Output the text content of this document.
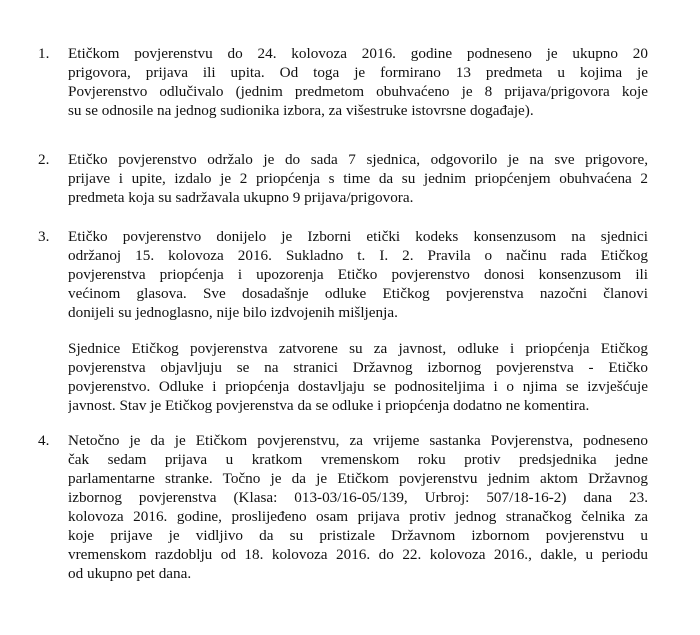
1.	Etičkom povjerenstvu do 24. kolovoza 2016. godine podneseno je ukupno 20
prigovora, prijava ili upita. Od toga je formirano 13 predmeta u kojima je
Povjerenstvo odlučivalo (jednim predmetom obuhvaćeno je 8 prijava/prigovora koje
su se odnosile na jednog sudionika izbora, za višestruke istovrsne događaje).
2.	Etičko povjerenstvo održalo je do sada 7 sjednica, odgovorilo je na sve prigovore,
prijave i upite, izdalo je 2 priopćenja s time da su jednim priopćenjem obuhvaćena 2
predmeta koja su sadržavala ukupno 9 prijava/prigovora.
3.	Etičko povjerenstvo donijelo je Izborni etički kodeks konsenzusom na sjednici
održanoj 15. kolovoza 2016. Sukladno t. I. 2. Pravila o načinu rada Etičkog
povjerenstva priopćenja i upozorenja Etičko povjerenstvo donosi konsenzusom ili
većinom glasova. Sve dosadašnje odluke Etičkog povjerenstva nazočni članovi
donijeli su jednoglasno, nije bilo izdvojenih mišljenja.
Sjednice Etičkog povjerenstva zatvorene su za javnost, odluke i priopćenja Etičkog
povjerenstva objavljuju se na stranici Državnog izbornog povjerenstva - Etičko
povjerenstvo. Odluke i priopćenja dostavljaju se podnositeljima i o njima se izvješćuje
javnost. Stav je Etičkog povjerenstva da se odluke i priopćenja dodatno ne komentira.
4.	Netočno je da je Etičkom povjerenstvu, za vrijeme sastanka Povjerenstva, podneseno
čak sedam prijava u kratkom vremenskom roku protiv predsjednika jedne
parlamentarne stranke. Točno je da je Etičkom povjerenstvu jednim aktom Državnog
izbornog povjerenstva (Klasa: 013-03/16-05/139, Urbroj: 507/18-16-2) dana 23.
kolovoza 2016. godine, proslijeđeno osam prijava protiv jednog stranačkog čelnika za
koje prijave je vidljivo da su pristizale Državnom izbornom povjerenstvu u
vremenskom razdoblju od 18. kolovoza 2016. do 22. kolovoza 2016., dakle, u periodu
od ukupno pet dana.
